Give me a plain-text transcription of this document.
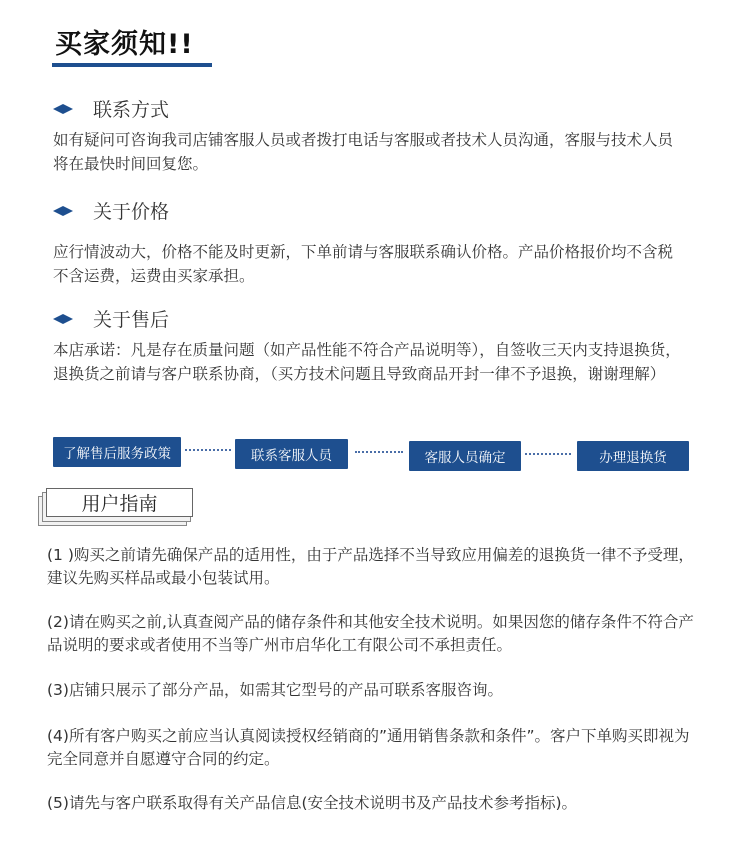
买家须知!!
联系方式
如有疑问可咨询我司店铺客服人员或者拨打电话与客服或者技术人员沟通，客服与技术人员将在最快时间回复您。
关于价格
应行情波动大，价格不能及时更新，下单前请与客服联系确认价格。产品价格报价均不含税不含运费，运费由买家承担。
关于售后
本店承诺：凡是存在质量问题（如产品性能不符合产品说明等），自签收三天内支持退换货，退换货之前请与客户联系协商，（买方技术问题且导致商品开封一律不予退换，谢谢理解）
了解售后服务政策	联系客服人员	客服人员确定	办理退换货
用户指南
(1 )购买之前请先确保产品的适用性，由于产品选择不当导致应用偏差的退换货一律不予受理，建议先购买样品或最小包装试用。
(2)请在购买之前,认真查阅产品的储存条件和其他安全技术说明。如果因您的储存条件不符合产品说明的要求或者使用不当等广州市启华化工有限公司不承担责任。
(3)店铺只展示了部分产品，如需其它型号的产品可联系客服咨询。
(4)所有客户购买之前应当认真阅读授权经销商的”通用销售条款和条件”。客户下单购买即视为完全同意并自愿遵守合同的约定。
(5)请先与客户联系取得有关产品信息(安全技术说明书及产品技术参考指标)。
